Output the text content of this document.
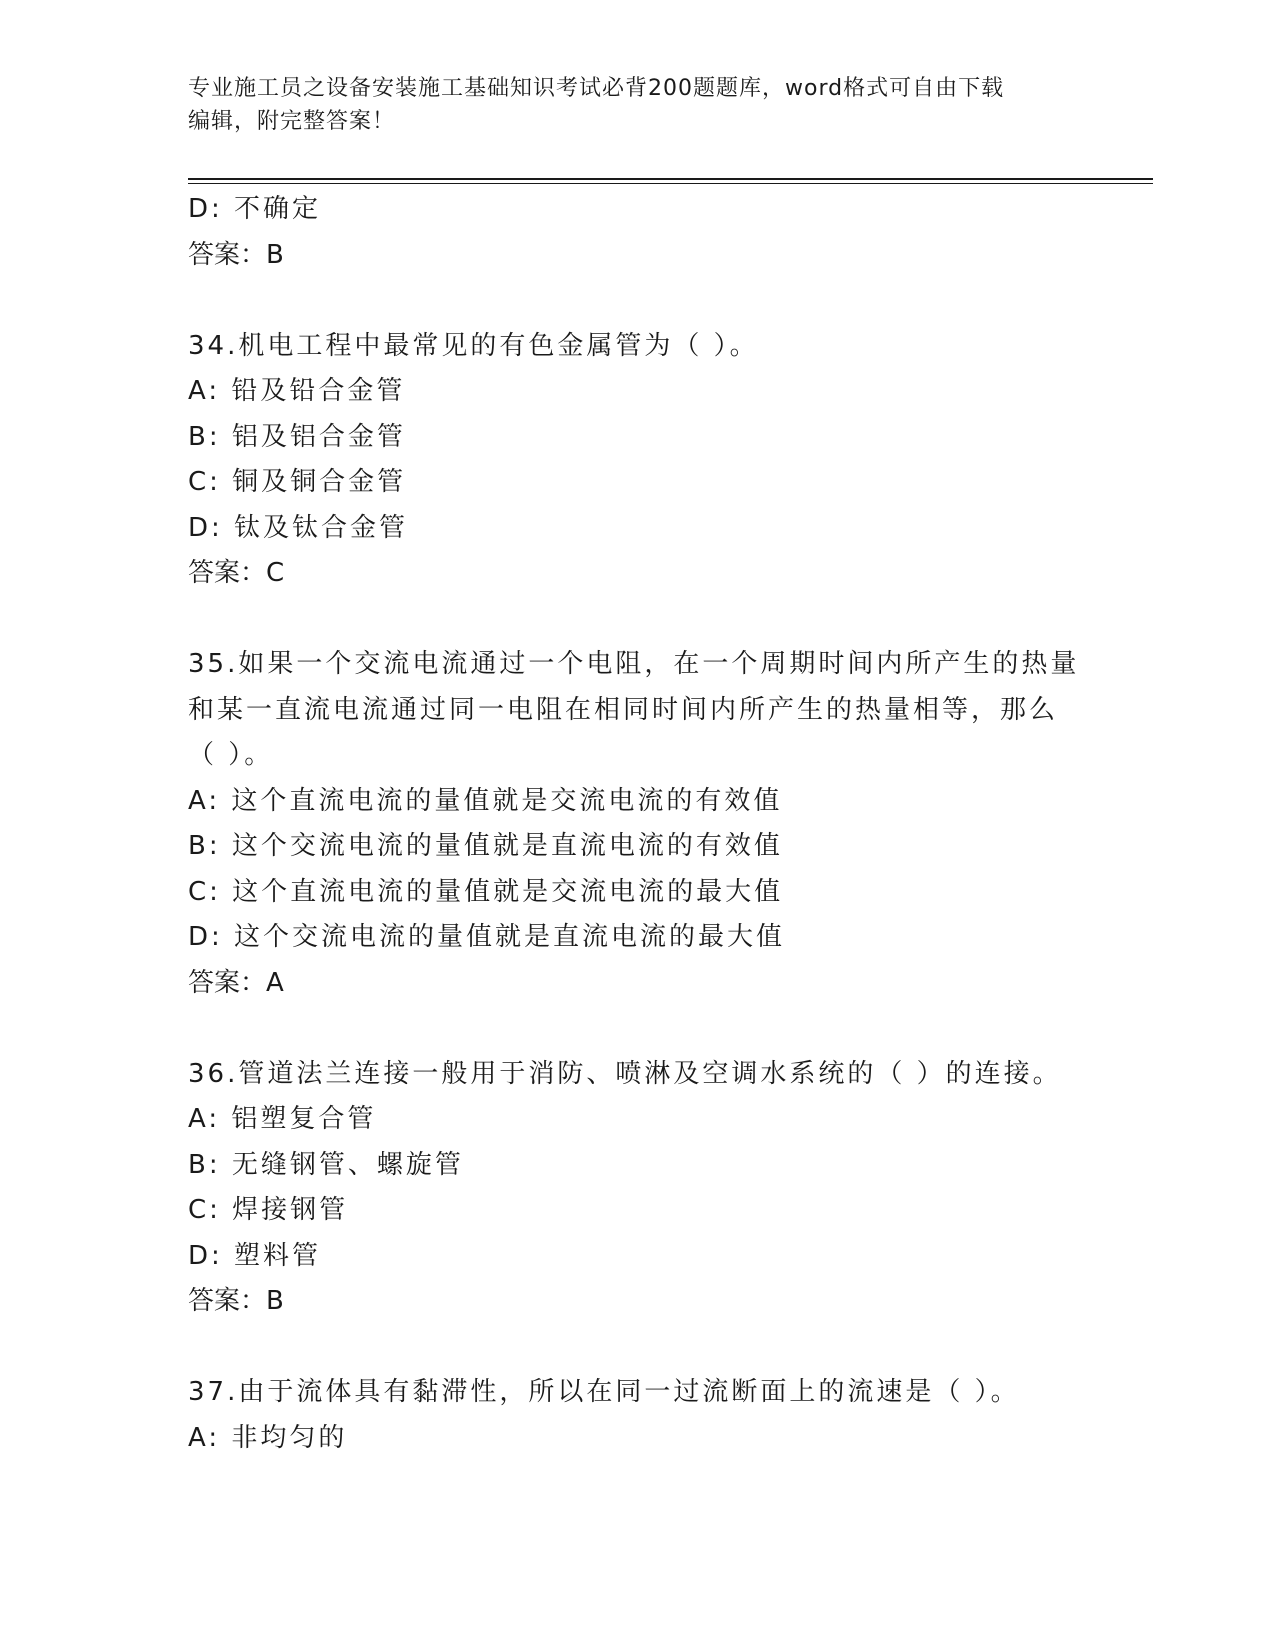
专业施工员之设备安装施工基础知识考试必背200题题库，word格式可自由下载
编辑，附完整答案！
D: 不确定
答案：B
34.机电工程中最常见的有色金属管为（ ）。
A: 铅及铅合金管
B: 铝及铝合金管
C: 铜及铜合金管
D: 钛及钛合金管
答案：C
35.如果一个交流电流通过一个电阻，在一个周期时间内所产生的热量
和某一直流电流通过同一电阻在相同时间内所产生的热量相等，那么
（ ）。
A: 这个直流电流的量值就是交流电流的有效值
B: 这个交流电流的量值就是直流电流的有效值
C: 这个直流电流的量值就是交流电流的最大值
D: 这个交流电流的量值就是直流电流的最大值
答案：A
36.管道法兰连接一般用于消防、喷淋及空调水系统的（ ）的连接。
A: 铝塑复合管
B: 无缝钢管、螺旋管
C: 焊接钢管
D: 塑料管
答案：B
37.由于流体具有黏滞性，所以在同一过流断面上的流速是（ ）。
A: 非均匀的
